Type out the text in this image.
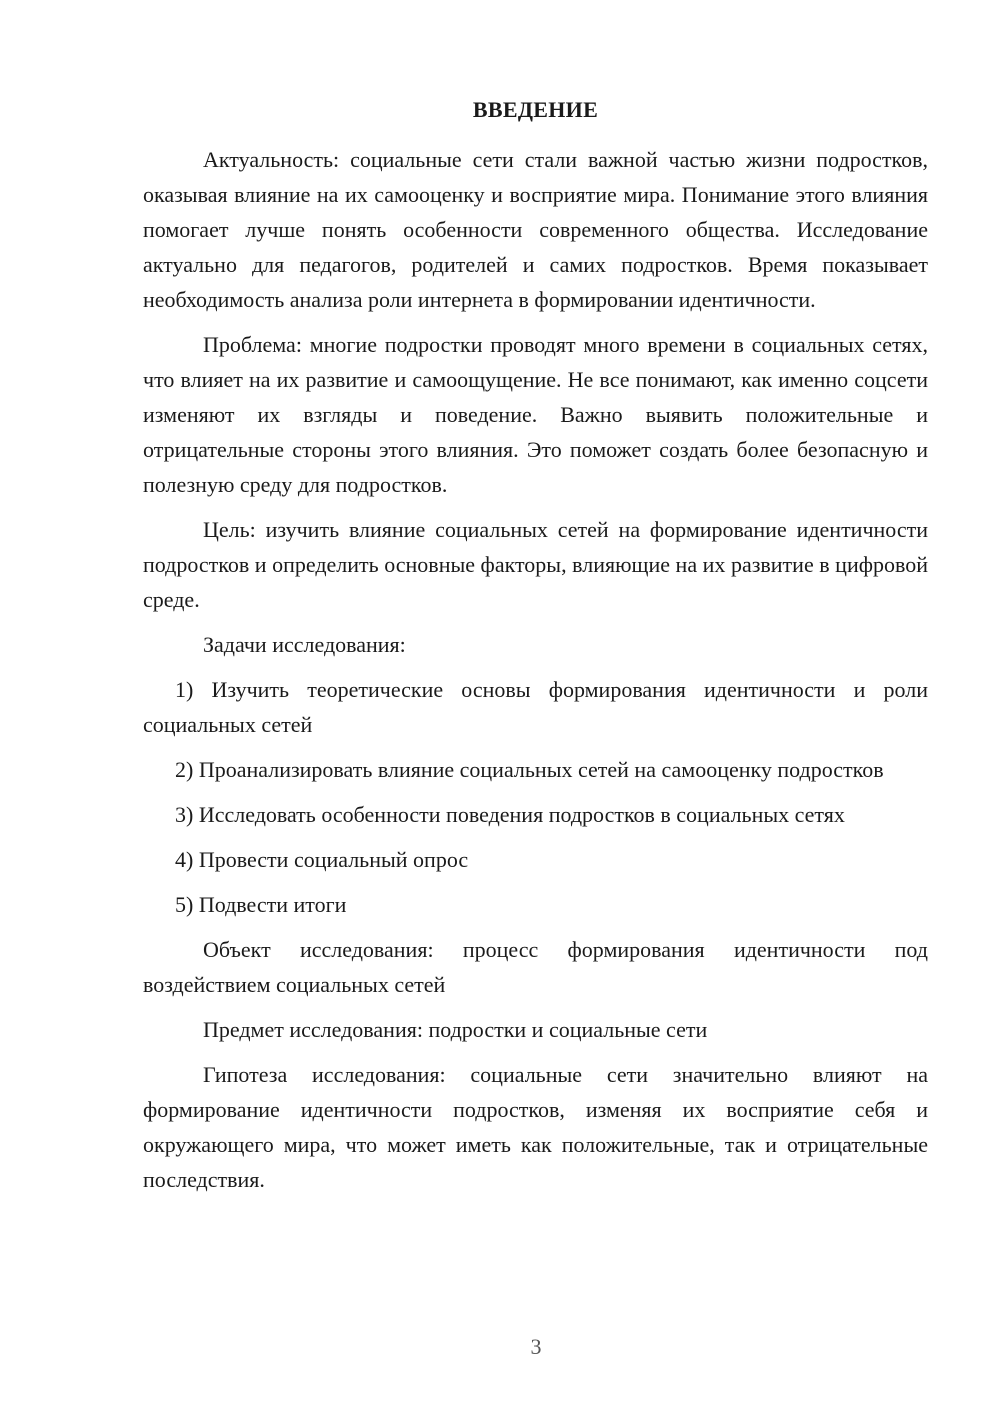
ВВЕДЕНИЕ

Актуальность: социальные сети стали важной частью жизни подростков, оказывая влияние на их самооценку и восприятие мира. Понимание этого влияния помогает лучше понять особенности современного общества. Исследование актуально для педагогов, родителей и самих подростков. Время показывает необходимость анализа роли интернета в формировании идентичности.

Проблема: многие подростки проводят много времени в социальных сетях, что влияет на их развитие и самоощущение. Не все понимают, как именно соцсети изменяют их взгляды и поведение. Важно выявить положительные и отрицательные стороны этого влияния. Это поможет создать более безопасную и полезную среду для подростков.

Цель: изучить влияние социальных сетей на формирование идентичности подростков и определить основные факторы, влияющие на их развитие в цифровой среде.

Задачи исследования:

1) Изучить теоретические основы формирования идентичности и роли социальных сетей

2) Проанализировать влияние социальных сетей на самооценку подростков

3) Исследовать особенности поведения подростков в социальных сетях

4) Провести социальный опрос

5) Подвести итоги

Объект исследования: процесс формирования идентичности под воздействием социальных сетей

Предмет исследования: подростки и социальные сети

Гипотеза исследования: социальные сети значительно влияют на формирование идентичности подростков, изменяя их восприятие себя и окружающего мира, что может иметь как положительные, так и отрицательные последствия.

3
